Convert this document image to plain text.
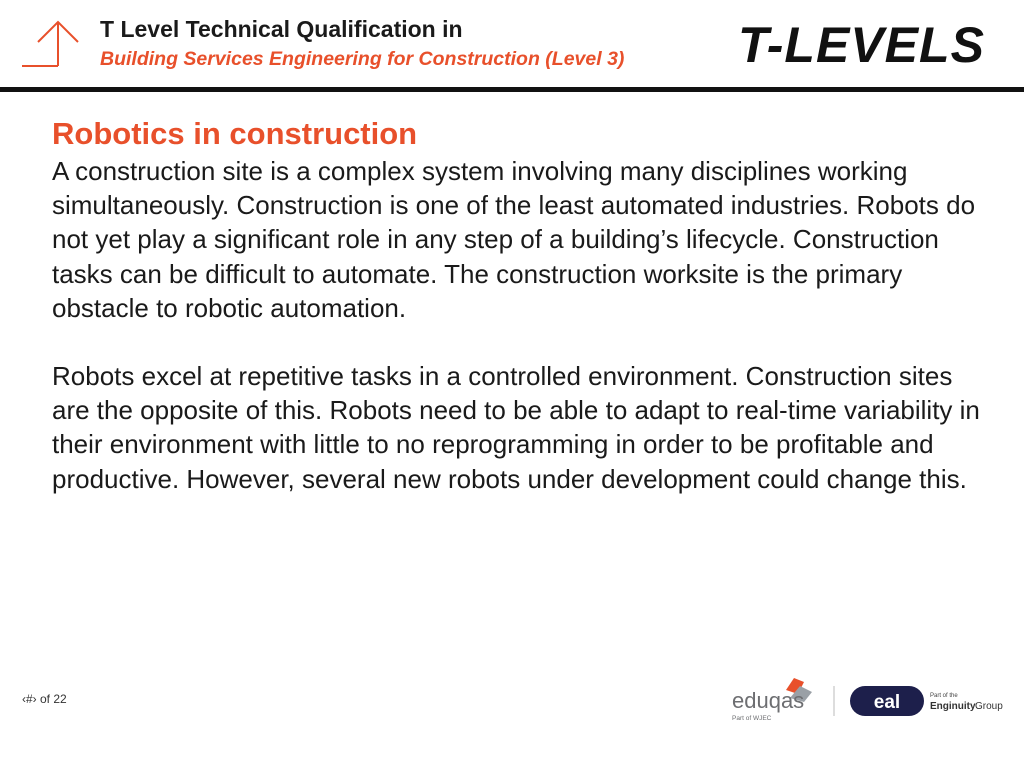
T Level Technical Qualification in
Building Services Engineering for Construction (Level 3) T-LEVELS
Robotics in construction

A construction site is a complex system involving many disciplines working simultaneously. Construction is one of the least automated industries. Robots do not yet play a significant role in any step of a building’s lifecycle. Construction tasks can be difficult to automate. The construction worksite is the primary obstacle to robotic automation.

Robots excel at repetitive tasks in a controlled environment. Construction sites are the opposite of this. Robots need to be able to adapt to real-time variability in their environment with little to no reprogramming in order to be profitable and productive. However, several new robots under development could change this.

‹#› of 22	eduqas
Part of WJEC
eal	Part of the
Enginuity Group
